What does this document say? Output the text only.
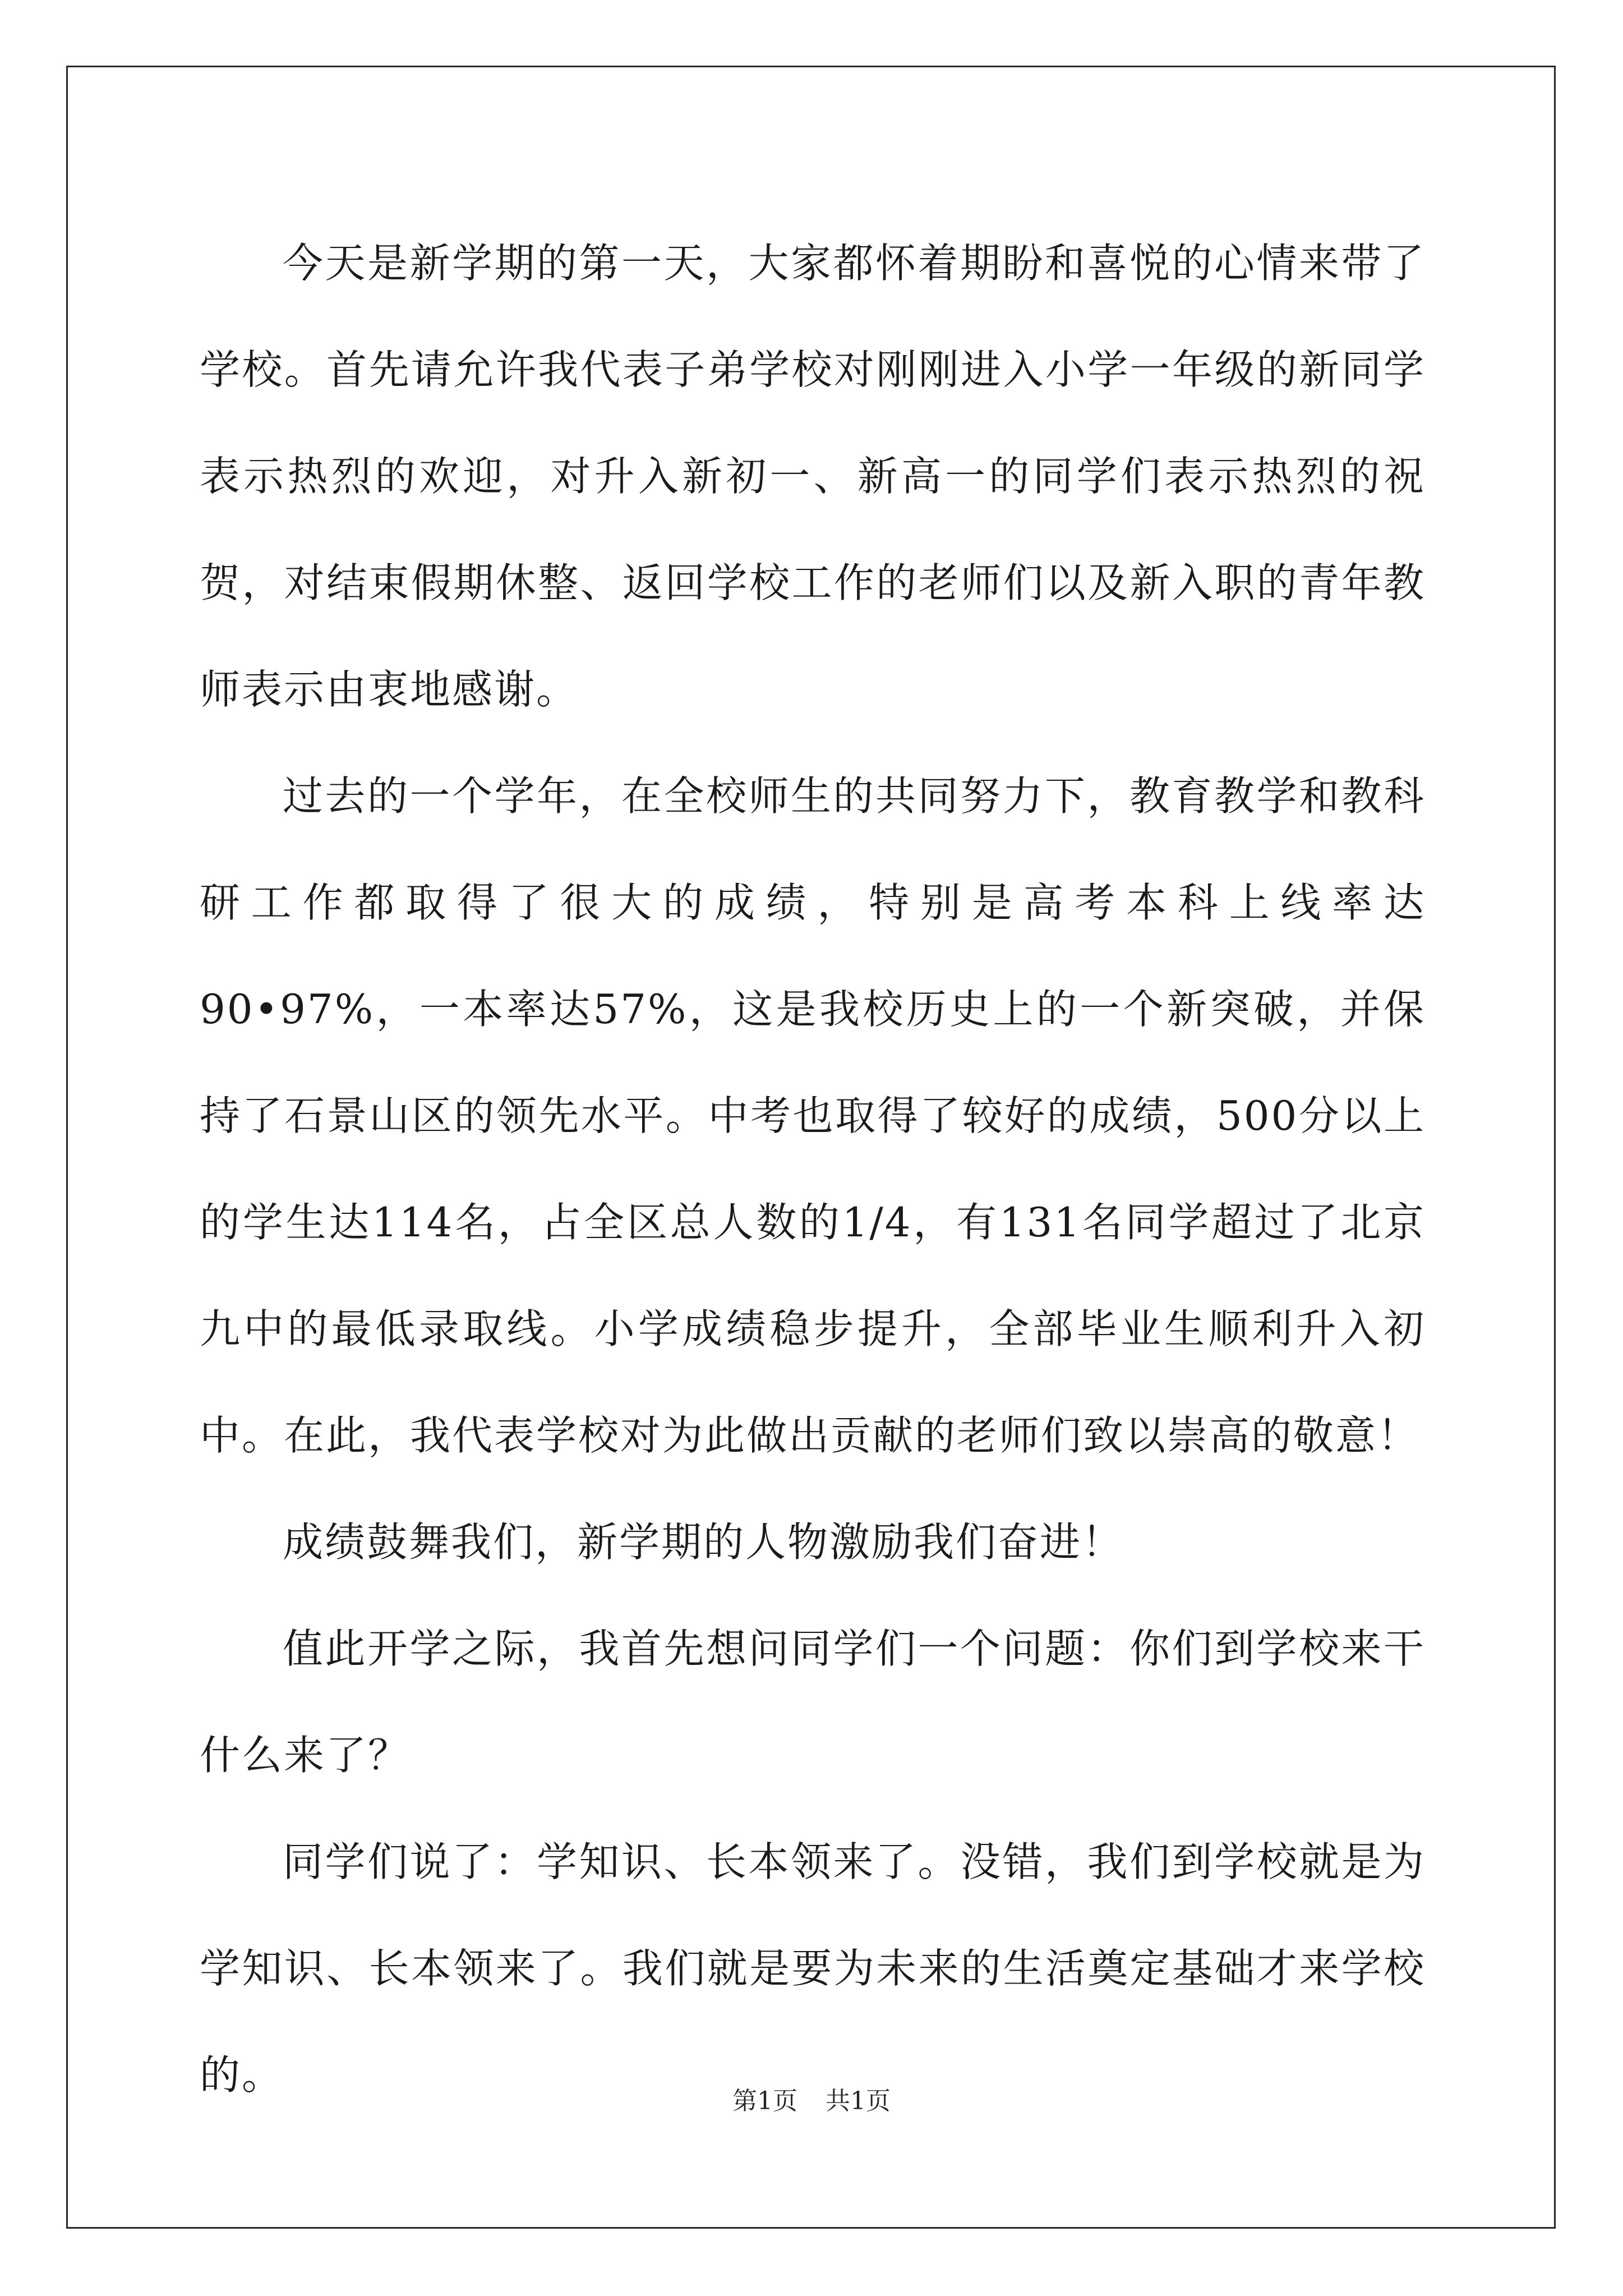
今天是新学期的第一天，大家都怀着期盼和喜悦的心情来带了学校。首先请允许我代表子弟学校对刚刚进入小学一年级的新同学表示热烈的欢迎，对升入新初一、新高一的同学们表示热烈的祝贺，对结束假期休整、返回学校工作的老师们以及新入职的青年教师表示由衷地感谢。

过去的一个学年，在全校师生的共同努力下，教育教学和教科研工作都取得了很大的成绩，特别是高考本科上线率达90•97%，一本率达57%，这是我校历史上的一个新突破，并保持了石景山区的领先水平。中考也取得了较好的成绩，500分以上的学生达114名，占全区总人数的1/4，有131名同学超过了北京九中的最低录取线。小学成绩稳步提升，全部毕业生顺利升入初中。在此，我代表学校对为此做出贡献的老师们致以崇高的敬意！

成绩鼓舞我们，新学期的人物激励我们奋进！

值此开学之际，我首先想问同学们一个问题：你们到学校来干什么来了？

同学们说了：学知识、长本领来了。没错，我们到学校就是为学知识、长本领来了。我们就是要为未来的生活奠定基础才来学校的。

第1页 共1页
